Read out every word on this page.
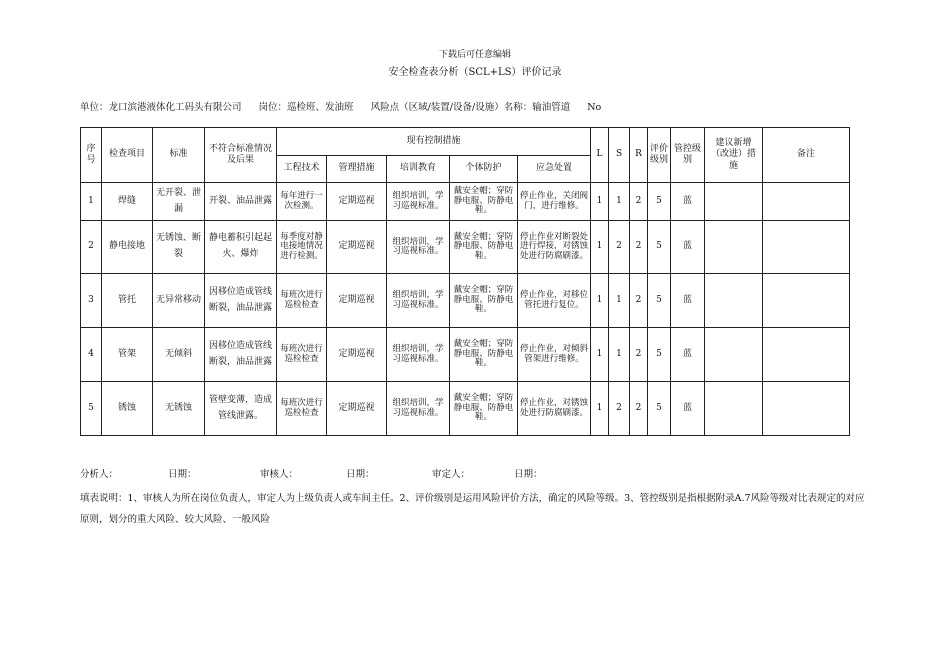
下载后可任意编辑
安全检查表分析（SCL+LS）评价记录
单位：龙口滨港液体化工码头有限公司 岗位：巡检班、发油班 风险点（区域/装置/设备/设施）名称：输油管道 No
序号	检查项目	标准	不符合标准情况及后果	现有控制措施					L	S	R	评价级别	管控级别	建议新增（改进）措施	备注
				工程技术	管理措施	培训教育	个体防护	应急处置							
1	焊缝	无开裂、泄漏	开裂、油品泄露	每年进行一次检测。	定期巡视	组织培训，学习巡视标准。	戴安全帽；穿防静电服、防静电鞋。	停止作业，关闭阀门，进行维修。	1	1	2	5	蓝		
2	静电接地	无锈蚀、断裂	静电蓄积引起起火、爆炸	每季度对静电接地情况进行检测。	定期巡视	组织培训，学习巡视标准。	戴安全帽；穿防静电服、防静电鞋。	停止作业对断裂处进行焊接，对锈蚀处进行防腐刷漆。	1	2	2	5	蓝		
3	管托	无异常移动	因移位造成管线断裂，油品泄露	每班次进行巡检检查	定期巡视	组织培训，学习巡视标准。	戴安全帽；穿防静电服、防静电鞋。	停止作业，对移位管托进行复位。	1	1	2	5	蓝		
4	管架	无倾斜	因移位造成管线断裂，油品泄露	每班次进行巡检检查	定期巡视	组织培训，学习巡视标准。	戴安全帽；穿防静电服、防静电鞋。	停止作业，对倾斜管架进行维修。	1	1	2	5	蓝		
5	锈蚀	无锈蚀	管壁变薄，造成管线泄露。	每班次进行巡检检查	定期巡视	组织培训，学习巡视标准。	戴安全帽；穿防静电服、防静电鞋。	停止作业，对锈蚀处进行防腐刷漆。	1	2	2	5	蓝		
分析人：	日期：	审核人：	日期：	审定人：	日期：
填表说明：1、审核人为所在岗位负责人，审定人为上级负责人或车间主任。2、评价级别是运用风险评价方法，确定的风险等级。3、管控级别是指根据附录A.7风险等级对比表规定的对应原则，划分的重大风险、较大风险、一般风险
